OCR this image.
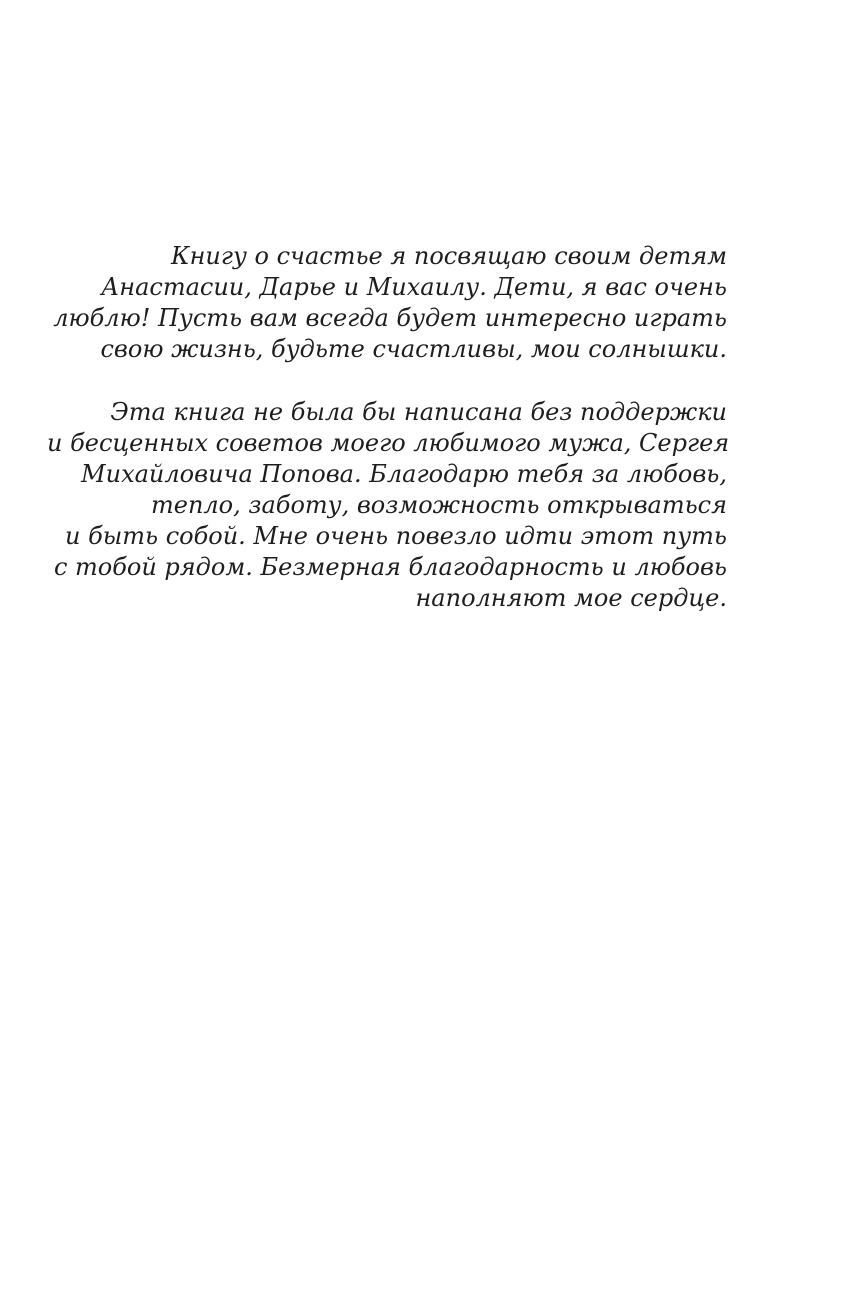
Книгу о счастье я посвящаю своим детям
Анастасии, Дарье и Михаилу. Дети, я вас очень
люблю! Пусть вам всегда будет интересно играть
свою жизнь, будьте счастливы, мои солнышки.
Эта книга не была бы написана без поддержки
и бесценных советов моего любимого мужа, Сергея
Михайловича Попова. Благодарю тебя за любовь,
тепло, заботу, возможность открываться
и быть собой. Мне очень повезло идти этот путь
с тобой рядом. Безмерная благодарность и любовь
наполняют мое сердце.
